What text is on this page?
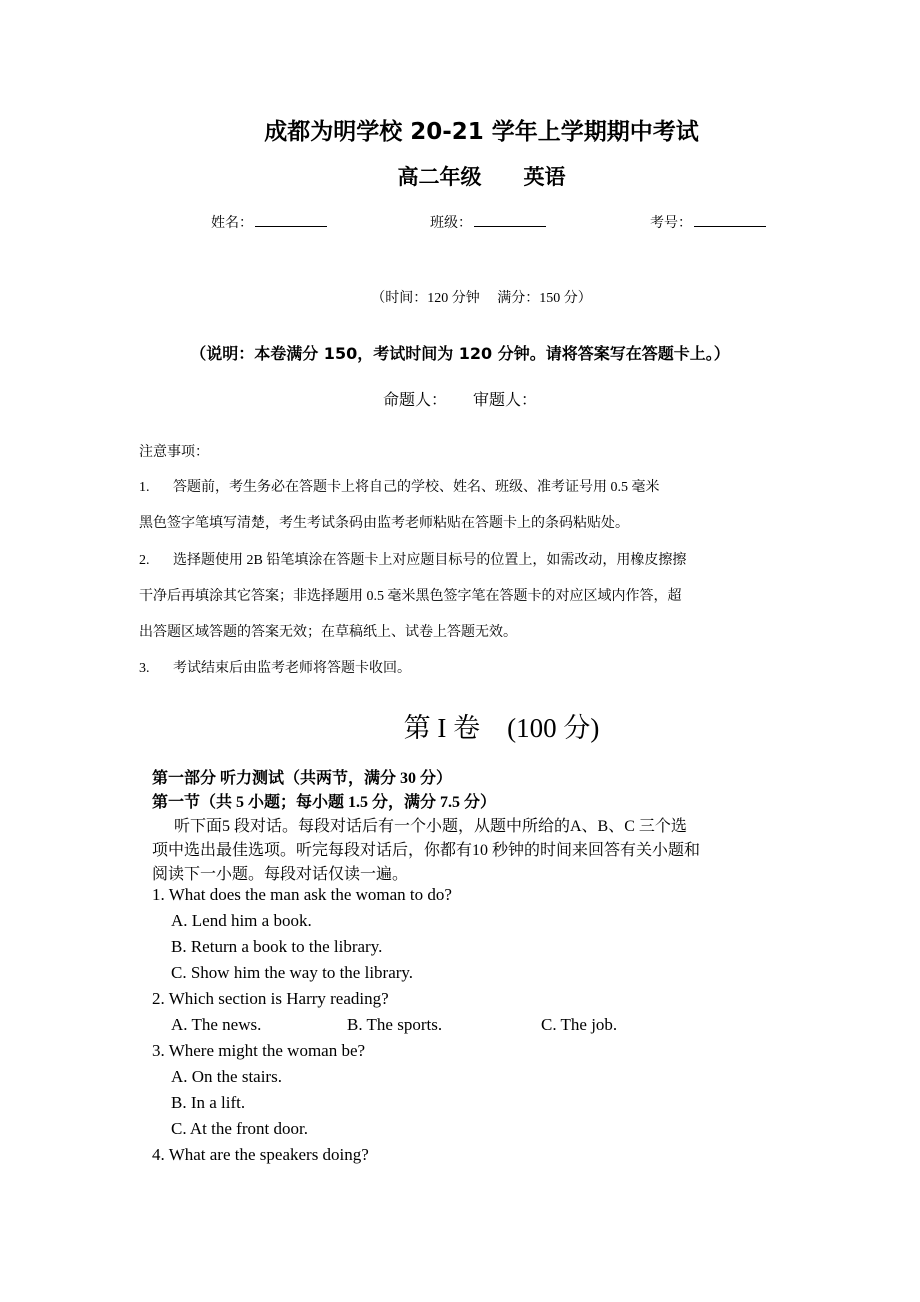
成都为明学校 20-21 学年上学期期中考试
高二年级　　英语
姓名：	班级：	考号：
（时间：120 分钟　 满分：150 分）
（说明：本卷满分 150，考试时间为 120 分钟。请将答案写在答题卡上。）
命题人： 审题人：
注意事项：
1. 答题前，考生务必在答题卡上将自己的学校、姓名、班级、准考证号用 0.5 毫米
黑色签字笔填写清楚，考生考试条码由监考老师粘贴在答题卡上的条码粘贴处。
2. 选择题使用 2B 铅笔填涂在答题卡上对应题目标号的位置上，如需改动，用橡皮擦擦
干净后再填涂其它答案；非选择题用 0.5 毫米黑色签字笔在答题卡的对应区域内作答，超
出答题区域答题的答案无效；在草稿纸上、试卷上答题无效。
3. 考试结束后由监考老师将答题卡收回。
第 I 卷　(100 分)
第一部分 听力测试（共两节，满分 30 分）
第一节（共 5 小题；每小题 1.5 分，满分 7.5 分）
听下面5 段对话。每段对话后有一个小题，从题中所给的A、B、C 三个选
项中选出最佳选项。听完每段对话后，你都有10 秒钟的时间来回答有关小题和
阅读下一小题。每段对话仅读一遍。
1. What does the man ask the woman to do?
A. Lend him a book.
B. Return a book to the library.
C. Show him the way to the library.
2. Which section is Harry reading?
A. The news.	B. The sports.	C. The job.
3. Where might the woman be?
A. On the stairs.
B. In a lift.
C. At the front door.
4. What are the speakers doing?
